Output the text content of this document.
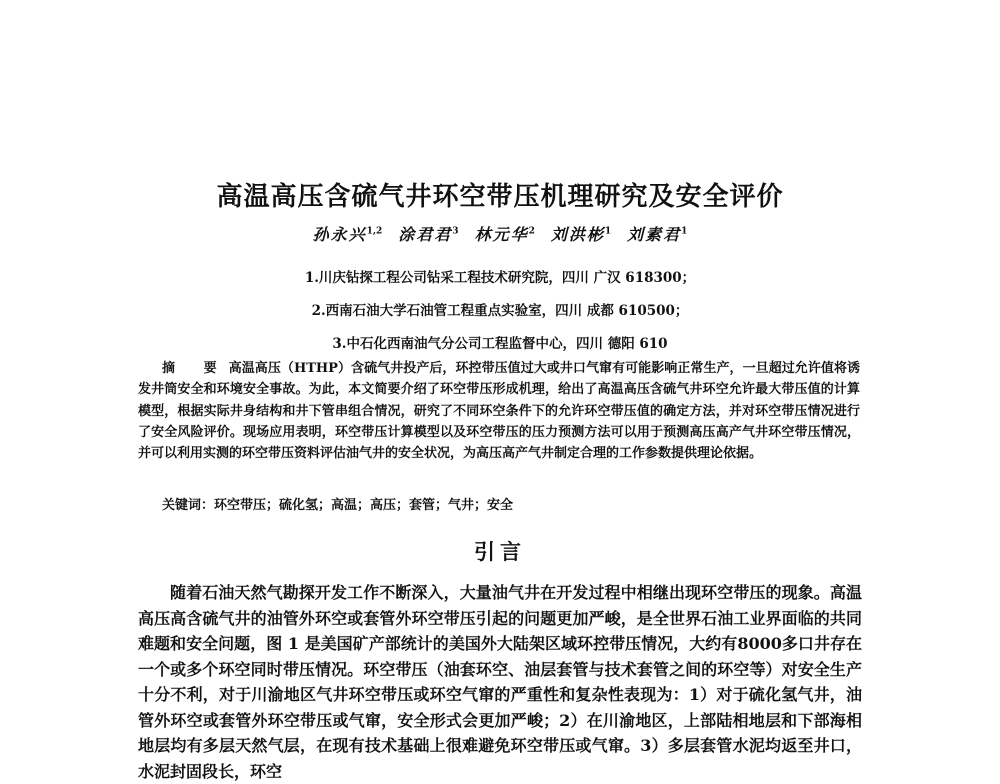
高温高压含硫气井环空带压机理研究及安全评价
孙永兴$^{1,2}$ 涂君君$^3$ 林元华$^2$ 刘洪彬$^1$ 刘素君$^1$
1.川庆钻探工程公司钻采工程技术研究院，四川 广汉 618300；
2.西南石油大学石油管工程重点实验室，四川 成都 610500；
3.中石化西南油气分公司工程监督中心，四川 德阳 610

摘 要高温高压（HTHP）含硫气井投产后，环控带压值过大或井口气窜有可能影响正常生产，一旦超过允许值将诱发井筒安全和环境安全事故。为此，本文简要介绍了环空带压形成机理，给出了高温高压含硫气井环空允许最大带压值的计算模型，根据实际井身结构和井下管串组合情况，研究了不同环空条件下的允许环空带压值的确定方法，并对环空带压情况进行了安全风险评价。现场应用表明，环空带压计算模型以及环空带压的压力预测方法可以用于预测高压高产气井环空带压情况，并可以利用实测的环空带压资料评估油气井的安全状况，为高压高产气井制定合理的工作参数提供理论依据。

关键词：环空带压；硫化氢；高温；高压；套管；气井；安全

引言

随着石油天然气勘探开发工作不断深入，大量油气井在开发过程中相继出现环空带压的现象。高温高压高含硫气井的油管外环空或套管外环空带压引起的问题更加严峻，是全世界石油工业界面临的共同难题和安全问题，图 1 是美国矿产部统计的美国外大陆架区域环控带压情况，大约有8000多口井存在一个或多个环空同时带压情况。环空带压（油套环空、油层套管与技术套管之间的环空等）对安全生产十分不利，对于川渝地区气井环空带压或环空气窜的严重性和复杂性表现为：1）对于硫化氢气井，油管外环空或套管外环空带压或气窜，安全形式会更加严峻；2）在川渝地区，上部陆相地层和下部海相地层均有多层天然气层，在现有技术基础上很难避免环空带压或气窜。3）多层套管水泥均返至井口，水泥封固段长，环空
